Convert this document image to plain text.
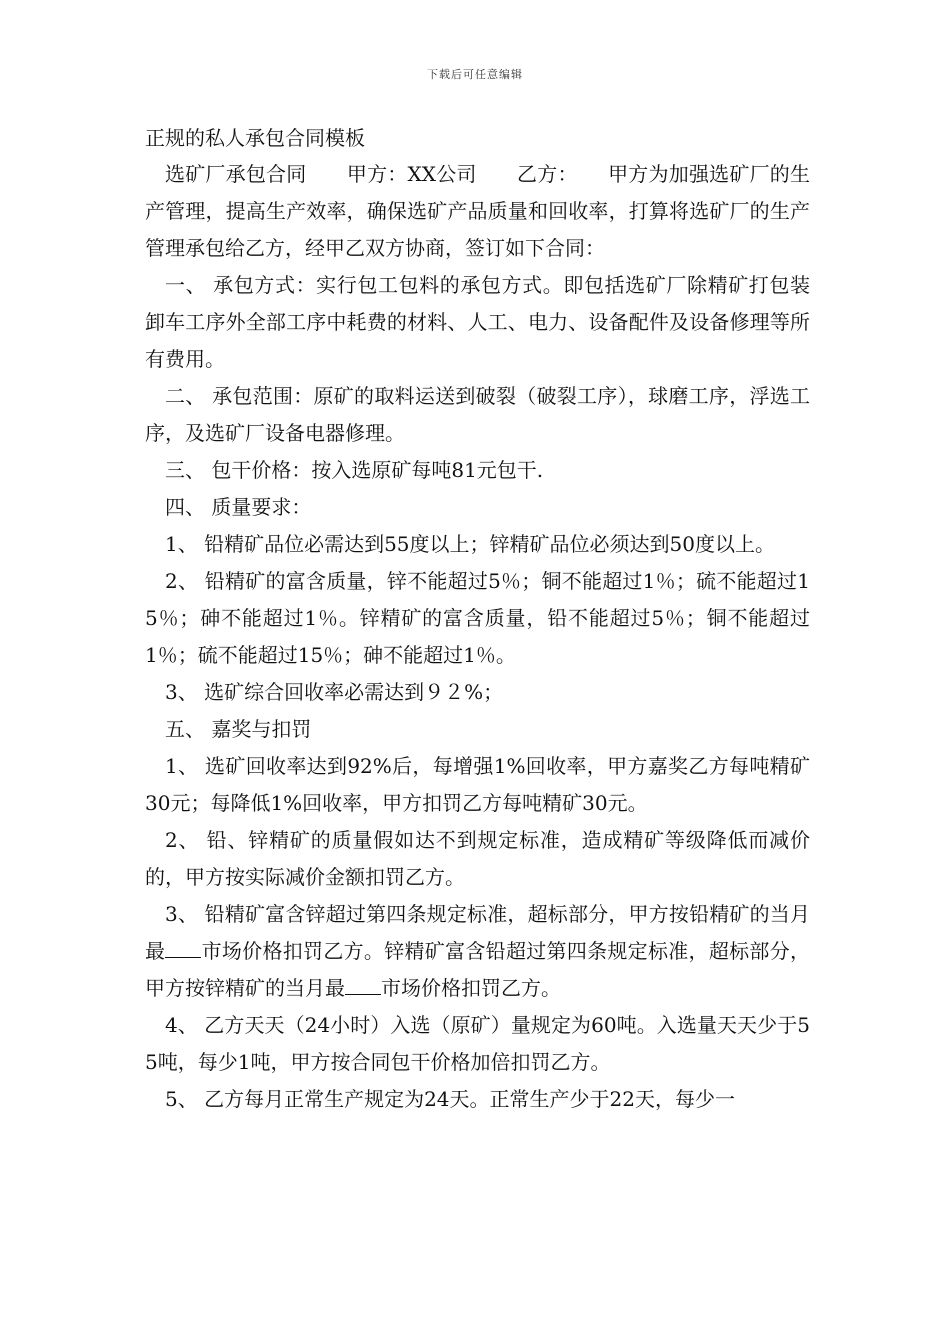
下载后可任意编辑

正规的私人承包合同模板

选矿厂承包合同　　甲方：XX公司　　乙方：　　甲方为加强选矿厂的生产管理，提高生产效率，确保选矿产品质量和回收率，打算将选矿厂的生产管理承包给乙方，经甲乙双方协商，签订如下合同：

一、 承包方式：实行包工包料的承包方式。即包括选矿厂除精矿打包装卸车工序外全部工序中耗费的材料、人工、电力、设备配件及设备修理等所有费用。

二、 承包范围：原矿的取料运送到破裂（破裂工序），球磨工序，浮选工序，及选矿厂设备电器修理。

三、 包干价格：按入选原矿每吨81元包干.

四、 质量要求：

1、 铅精矿品位必需达到55度以上；锌精矿品位必须达到50度以上。

2、 铅精矿的富含质量，锌不能超过5％；铜不能超过1％；硫不能超过15％；砷不能超过1％。锌精矿的富含质量，铅不能超过5％；铜不能超过1％；硫不能超过15％；砷不能超过1％。

3、 选矿综合回收率必需达到９２%；

五、 嘉奖与扣罚

1、 选矿回收率达到92%后，每增强1%回收率，甲方嘉奖乙方每吨精矿30元；每降低1%回收率，甲方扣罚乙方每吨精矿30元。

2、 铅、锌精矿的质量假如达不到规定标准，造成精矿等级降低而减价的，甲方按实际减价金额扣罚乙方。

3、 铅精矿富含锌超过第四条规定标准，超标部分，甲方按铅精矿的当月最 市场价格扣罚乙方。锌精矿富含铅超过第四条规定标准，超标部分，甲方按锌精矿的当月最 市场价格扣罚乙方。

4、 乙方天天（24小时）入选（原矿）量规定为60吨。入选量天天少于55吨，每少1吨，甲方按合同包干价格加倍扣罚乙方。

5、 乙方每月正常生产规定为24天。正常生产少于22天，每少一
